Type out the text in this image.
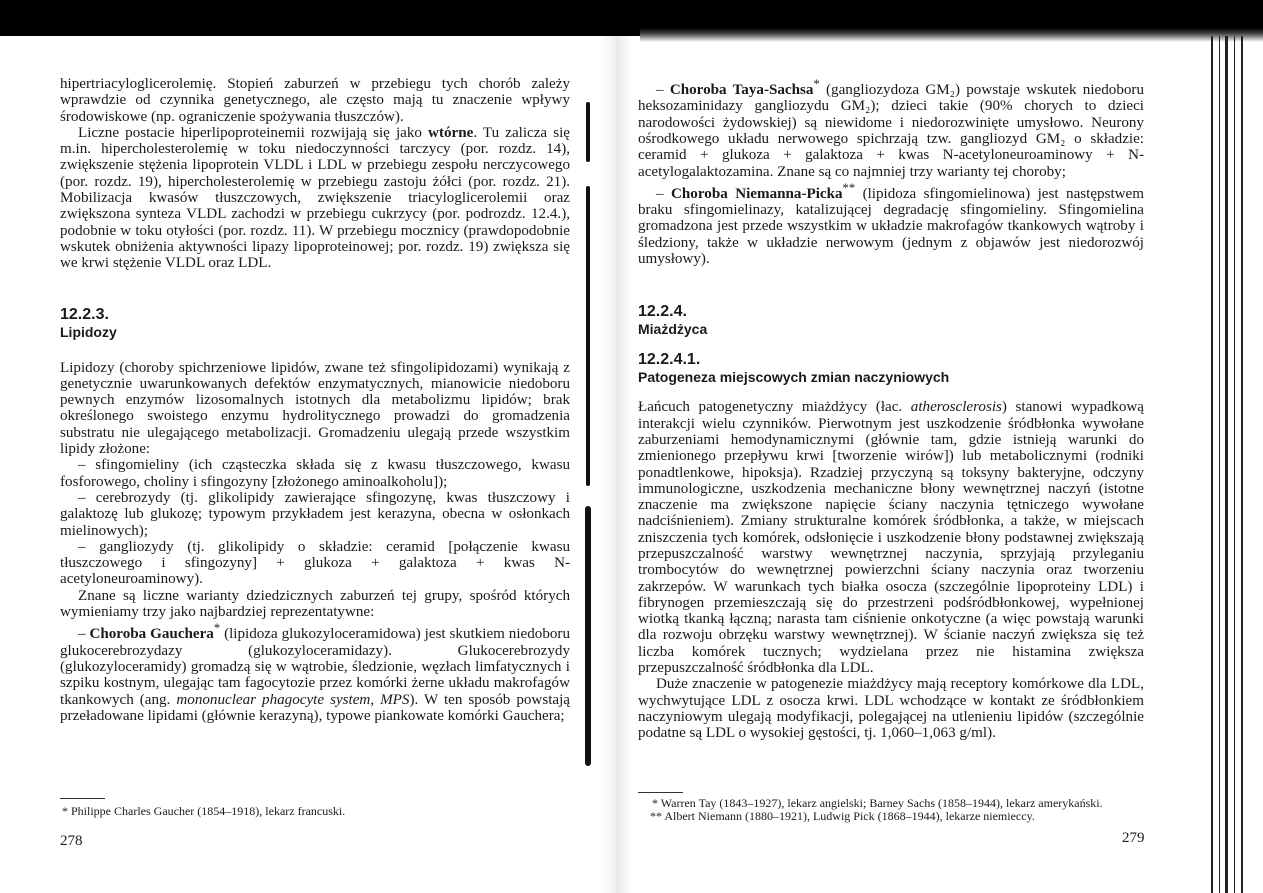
hipertriacyloglicerolemię. Stopień zaburzeń w przebiegu tych chorób zależy wprawdzie od czynnika genetycznego, ale często mają tu znaczenie wpływy środowiskowe (np. ograniczenie spożywania tłuszczów).

Liczne postacie hiperlipoproteinemii rozwijają się jako wtórne. Tu zalicza się m.in. hipercholesterolemię w toku niedoczynności tarczycy (por. rozdz. 14), zwiększenie stężenia lipoprotein VLDL i LDL w przebiegu zespołu nerczycowego (por. rozdz. 19), hipercholesterolemię w przebiegu zastoju żółci (por. rozdz. 21). Mobilizacja kwasów tłuszczowych, zwiększenie triacyloglicerolemii oraz zwiększona synteza VLDL zachodzi w przebiegu cukrzycy (por. podrozdz. 12.4.), podobnie w toku otyłości (por. rozdz. 11). W przebiegu mocznicy (prawdopodobnie wskutek obniżenia aktywności lipazy lipoproteinowej; por. rozdz. 19) zwiększa się we krwi stężenie VLDL oraz LDL.

12.2.3.
Lipidozy

Lipidozy (choroby spichrzeniowe lipidów, zwane też sfingolipidozami) wynikają z genetycznie uwarunkowanych defektów enzymatycznych, mianowicie niedoboru pewnych enzymów lizosomalnych istotnych dla metabolizmu lipidów; brak określonego swoistego enzymu hydrolitycznego prowadzi do gromadzenia substratu nie ulegającego metabolizacji. Gromadzeniu ulegają przede wszystkim lipidy złożone:

– sfingomieliny (ich cząsteczka składa się z kwasu tłuszczowego, kwasu fosforowego, choliny i sfingozyny [złożonego aminoalkoholu]);

– cerebrozydy (tj. glikolipidy zawierające sfingozynę, kwas tłuszczowy i galaktozę lub glukozę; typowym przykładem jest kerazyna, obecna w osłonkach mielinowych);

– gangliozydy (tj. glikolipidy o składzie: ceramid [połączenie kwasu tłuszczowego i sfingozyny] + glukoza + galaktoza + kwas N-acetyloneuroaminowy).

Znane są liczne warianty dziedzicznych zaburzeń tej grupy, spośród których wymieniamy trzy jako najbardziej reprezentatywne:

– Choroba Gauchera* (lipidoza glukozyloceramidowa) jest skutkiem niedoboru glukocerebrozydazy (glukozyloceramidazy). Glukocerebrozydy (glukozyloceramidy) gromadzą się w wątrobie, śledzionie, węzłach limfatycznych i szpiku kostnym, ulegając tam fagocytozie przez komórki żerne układu makrofagów tkankowych (ang. mononuclear phagocyte system, MPS). W ten sposób powstają przeładowane lipidami (głównie kerazyną), typowe piankowate komórki Gauchera;

* Philippe Charles Gaucher (1854–1918), lekarz francuski.

278

– Choroba Taya-Sachsa* (gangliozydoza GM₂) powstaje wskutek niedoboru heksozaminidazy gangliozydu GM₂); dzieci takie (90% chorych to dzieci narodowości żydowskiej) są niewidome i niedorozwinięte umysłowo. Neurony ośrodkowego układu nerwowego spichrzają tzw. gangliozyd GM₂ o składzie: ceramid + glukoza + galaktoza + kwas N-acetyloneuroaminowy + N-acetylogalaktozamina. Znane są co najmniej trzy warianty tej choroby;

– Choroba Niemanna-Picka** (lipidoza sfingomielinowa) jest następstwem braku sfingomielinazy, katalizującej degradację sfingomieliny. Sfingomielina gromadzona jest przede wszystkim w układzie makrofagów tkankowych wątroby i śledziony, także w układzie nerwowym (jednym z objawów jest niedorozwój umysłowy).

12.2.4.
Miażdżyca
12.2.4.1.
Patogeneza miejscowych zmian naczyniowych

Łańcuch patogenetyczny miażdżycy (łac. atherosclerosis) stanowi wypadkową interakcji wielu czynników. Pierwotnym jest uszkodzenie śródbłonka wywołane zaburzeniami hemodynamicznymi (głównie tam, gdzie istnieją warunki do zmienionego przepływu krwi [tworzenie wirów]) lub metabolicznymi (rodniki ponadtlenkowe, hipoksja). Rzadziej przyczyną są toksyny bakteryjne, odczyny immunologiczne, uszkodzenia mechaniczne błony wewnętrznej naczyń (istotne znaczenie ma zwiększone napięcie ściany naczynia tętniczego wywołane nadciśnieniem). Zmiany strukturalne komórek śródbłonka, a także, w miejscach zniszczenia tych komórek, odsłonięcie i uszkodzenie błony podstawnej zwiększają przepuszczalność warstwy wewnętrznej naczynia, sprzyjają przyleganiu trombocytów do wewnętrznej powierzchni ściany naczynia oraz tworzeniu zakrzepów. W warunkach tych białka osocza (szczególnie lipoproteiny LDL) i fibrynogen przemieszczają się do przestrzeni podśródbłonkowej, wypełnionej wiotką tkanką łączną; narasta tam ciśnienie onkotyczne (a więc powstają warunki dla rozwoju obrzęku warstwy wewnętrznej). W ścianie naczyń zwiększa się też liczba komórek tucznych; wydzielana przez nie histamina zwiększa przepuszczalność śródbłonka dla LDL.

Duże znaczenie w patogenezie miażdżycy mają receptory komórkowe dla LDL, wychwytujące LDL z osocza krwi. LDL wchodzące w kontakt ze śródbłonkiem naczyniowym ulegają modyfikacji, polegającej na utlenieniu lipidów (szczególnie podatne są LDL o wysokiej gęstości, tj. 1,060–1,063 g/ml).

* Warren Tay (1843–1927), lekarz angielski; Barney Sachs (1858–1944), lekarz amerykański.

** Albert Niemann (1880–1921), Ludwig Pick (1868–1944), lekarze niemieccy.

279
